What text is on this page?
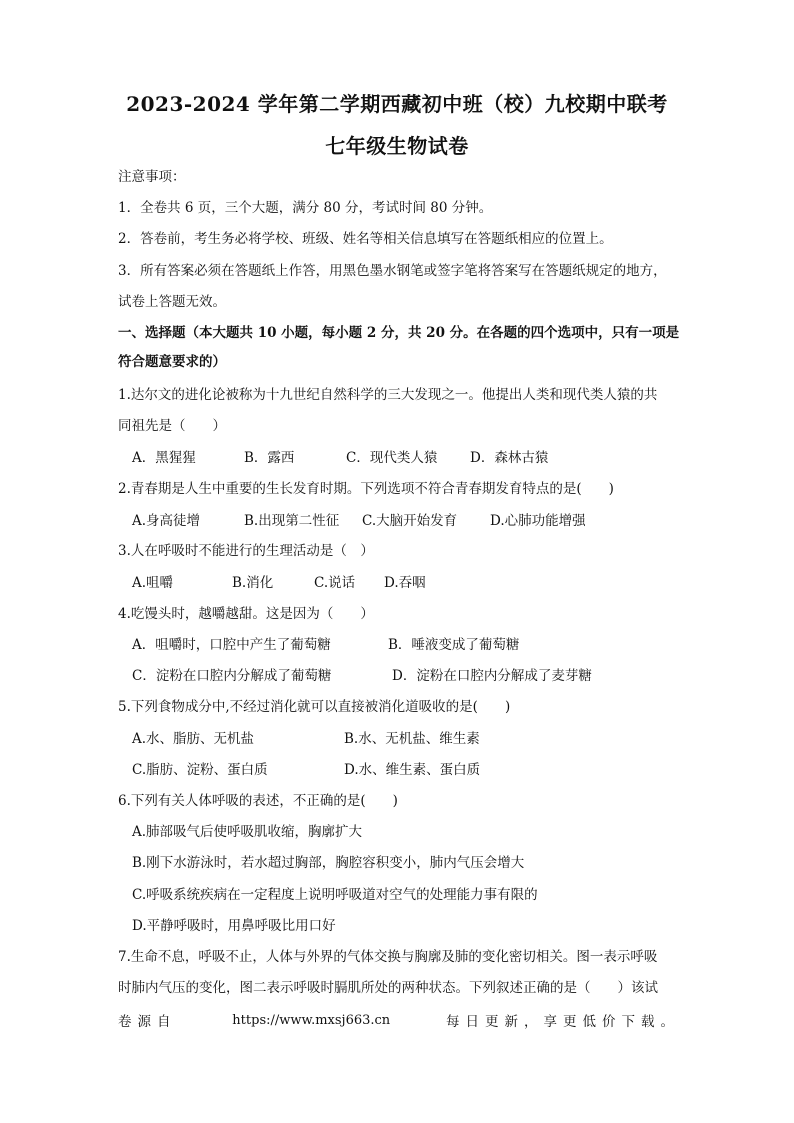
2023-2024 学年第二学期西藏初中班（校）九校期中联考
七年级生物试卷
注意事项：
1．全卷共 6 页，三个大题，满分 80 分，考试时间 80 分钟。
2．答卷前，考生务必将学校、班级、姓名等相关信息填写在答题纸相应的位置上。
3．所有答案必须在答题纸上作答，用黑色墨水钢笔或签字笔将答案写在答题纸规定的地方，
试卷上答题无效。
一、选择题（本大题共 10 小题，每小题 2 分，共 20 分。在各题的四个选项中，只有一项是
符合题意要求的）
1.达尔文的进化论被称为十九世纪自然科学的三大发现之一。他提出人类和现代类人猿的共
同祖先是（　　）
A．黑猩猩	B．露西	C．现代类人猿 D．森林古猿
2.青春期是人生中重要的生长发育时期。下列选项不符合青春期发育特点的是(　　)
A.身高徒增	B.出现第二性征 C.大脑开始发育 D.心肺功能增强
3.人在呼吸时不能进行的生理活动是（　）
A.咀嚼	B.消化	C.说话 D.吞咽
4.吃馒头时，越嚼越甜。这是因为（　　）
A．咀嚼时，口腔中产生了葡萄糖	B．唾液变成了葡萄糖
C．淀粉在口腔内分解成了葡萄糖	D．淀粉在口腔内分解成了麦芽糖
5.下列食物成分中,不经过消化就可以直接被消化道吸收的是(　　)
A.水、脂肪、无机盐	B.水、无机盐、维生素
C.脂肪、淀粉、蛋白质	D.水、维生素、蛋白质
6.下列有关人体呼吸的表述，不正确的是(　　)
A.肺部吸气后使呼吸肌收缩，胸廓扩大
B.刚下水游泳时，若水超过胸部，胸腔容积变小，肺内气压会增大
C.呼吸系统疾病在一定程度上说明呼吸道对空气的处理能力事有限的
D.平静呼吸时，用鼻呼吸比用口好
7.生命不息，呼吸不止，人体与外界的气体交换与胸廓及肺的变化密切相关。图一表示呼吸
时肺内气压的变化，图二表示呼吸时膈肌所处的两种状态。下列叙述正确的是（　　）该试
卷源自	https://www.mxsj663.cn	每日更新，享更低价下载。
